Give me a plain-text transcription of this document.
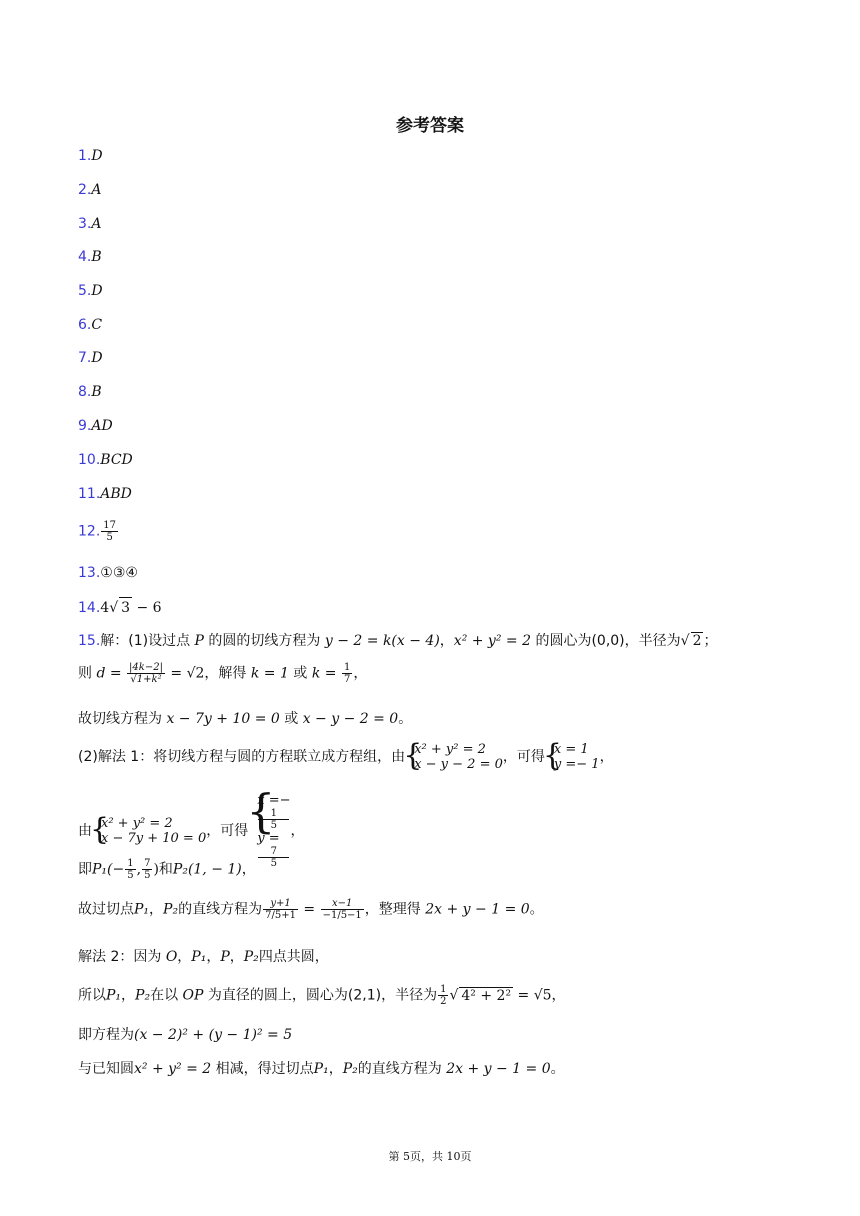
参考答案
1.D
2.A
3.A
4.B
5.D
6.C
7.D
8.B
9.AD
10.BCD
11.ABD
12. $\frac{17}{5}$
13.①③④
14.4√ 3 − 6
15.解：(1)设过点 P 的圆的切线方程为 y − 2 = k(x − 4)，x² + y² = 2 的圆心为(0,0)，半径为√ 2 ；
则 $d = \frac{|4k-2|}{\text{√1+k²}} = √2$，解得 k = 1 或 $k = \frac{1}{7}$ ，
故切线方程为 x − 7y + 10 = 0 或 x − y − 2 = 0。
(2)解法 1：将切线方程与圆的方程联立成方程组，由 { x² + y² = 2
x − y − 2 = 0 ，可得 { x = 1
y =− 1 ，
由 { x² + y² = 2
x − 7y + 10 = 0 ，可得
{ x =−
1
5
y =
7
5
，
即$P_1(- \frac{1}{5}$ , $\frac{7}{5}$ )和P₂(1, − 1)，
故过切点P₁，P₂的直线方程为 $\frac{y+1}{7/5+1} = \frac{x-1}{-1/5-1}$ ，整理得 2x + y − 1 = 0。
解法 2：因为 O，P₁，P，P₂四点共圆，
所以P₁，P₂在以 OP 为直径的圆上，圆心为(2,1)，半径为 $\frac{1}{2}$ √ 4² + 2² = √5，
即方程为(x − 2)² + (y − 1)² = 5
与已知圆x² + y² = 2 相减，得过切点P₁，P₂的直线方程为 2x + y − 1 = 0。
第 5页，共 10页
